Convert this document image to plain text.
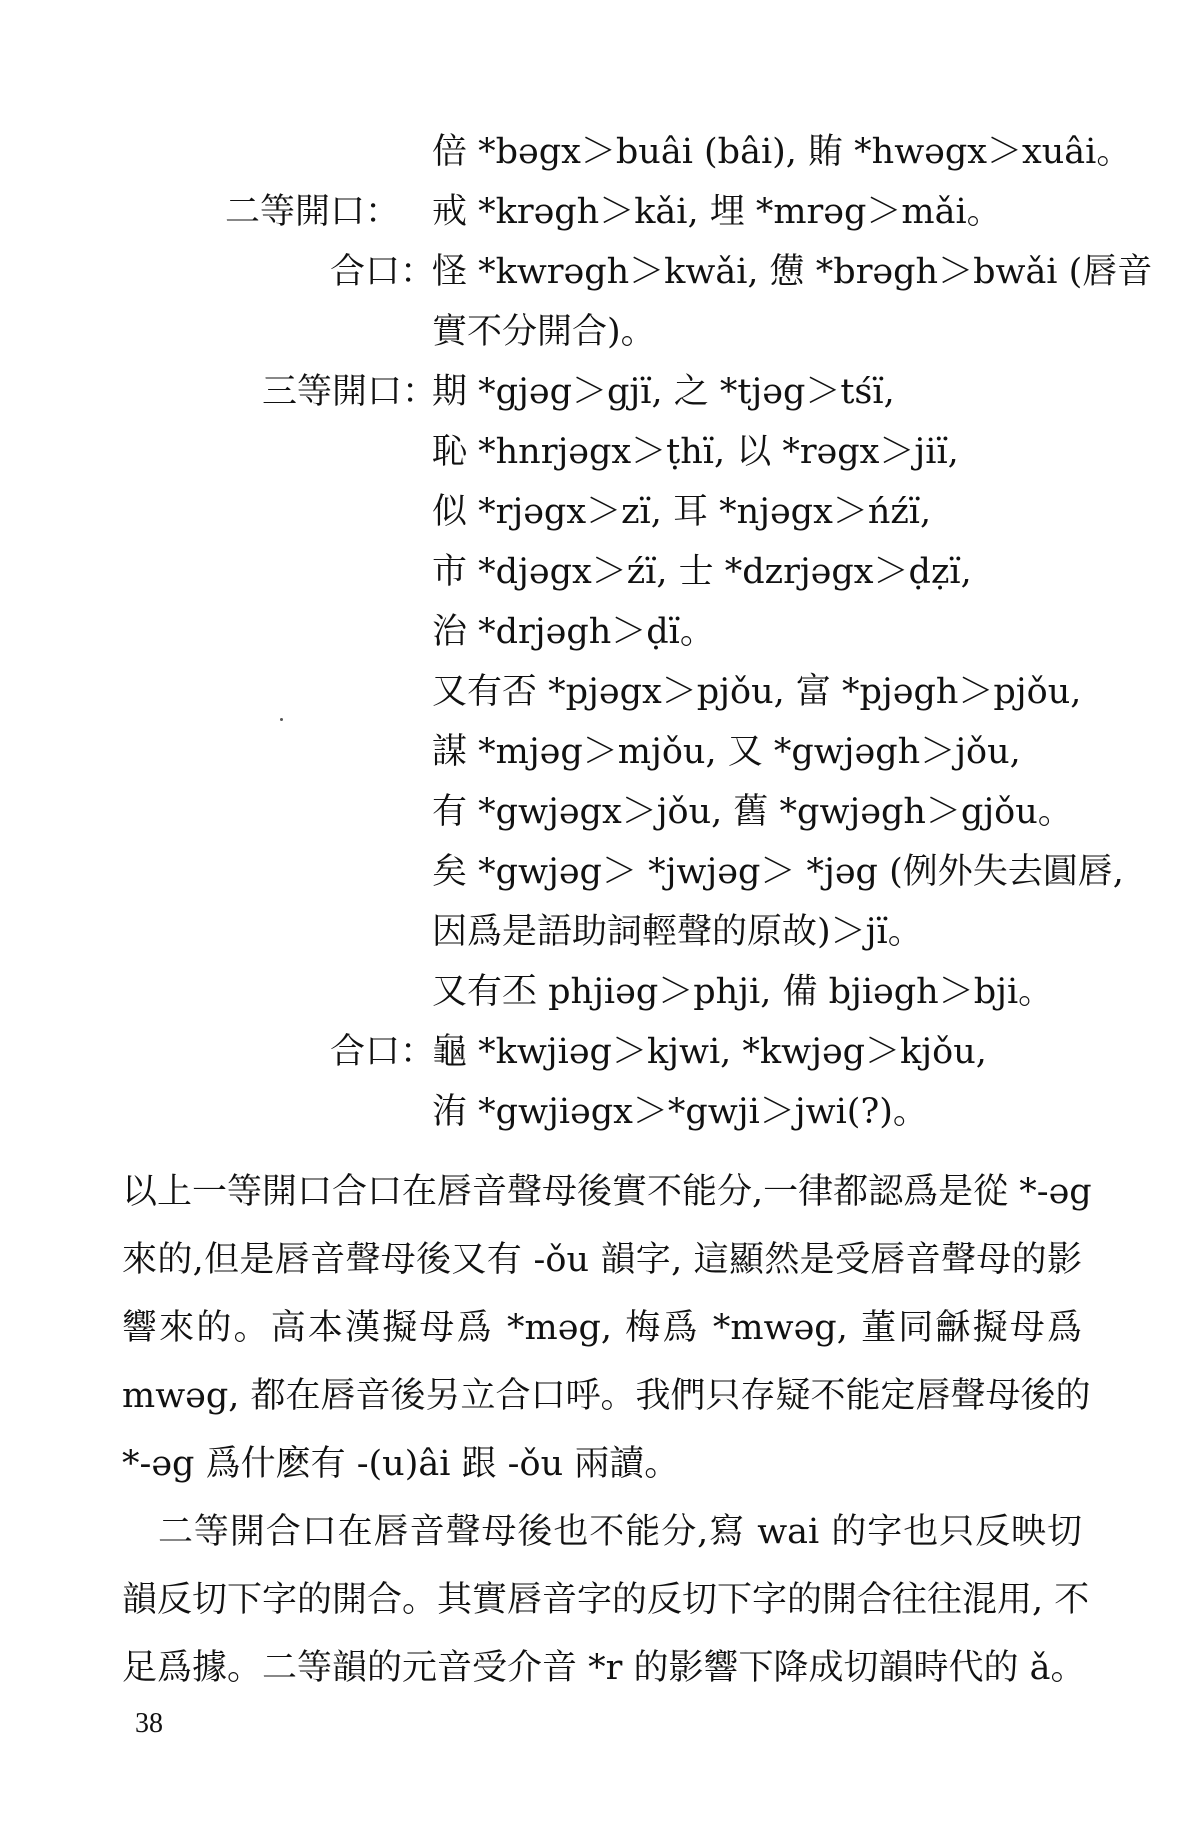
倍 *bəgx＞buâi (bâi), 賄 *hwəgx＞xuâi。
二等開口： 戒 *krəgh＞kǎi, 埋 *mrəg＞mǎi。
合口：
怪 *kwrəgh＞kwǎi, 憊 *brəgh＞bwǎi (唇音
實不分開合)。
三等開口：
期 *gjəg＞gjï, 之 *tjəg＞tśï,
恥 *hnrjəgx＞ṭhï, 以 *rəgx＞jiï,
似 *rjəgx＞zï, 耳 *njəgx＞ńźï,
市 *djəgx＞źï, 士 *dzrjəgx＞ḍẓï,
治 *drjəgh＞ḍï。
又有否 *pjəgx＞pjǒu, 富 *pjəgh＞pjǒu,
謀 *mjəg＞mjǒu, 又 *gwjəgh＞jǒu,
有 *gwjəgx＞jǒu, 舊 *gwjəgh＞gjǒu。
矣 *gwjəg＞ *jwjəg＞ *jəg (例外失去圓唇,
因爲是語助詞輕聲的原故)＞jï。
又有丕 phjiəg＞phji, 備 bjiəgh＞bji。
合口：
龜 *kwjiəg＞kjwi, *kwjəg＞kjǒu,
洧 *gwjiəgx＞*gwji＞jwi(?)。
以上一等開口合口在唇音聲母後實不能分,一律都認爲是從 *-əg
來的,但是唇音聲母後又有 -ǒu 韻字, 這顯然是受唇音聲母的影
響來的。高本漢擬母爲 *məg, 梅爲 *mwəg, 董同龢擬母爲
mwəg, 都在唇音後另立合口呼。我們只存疑不能定唇聲母後的
*-əg 爲什麽有 -(u)âi 跟 -ǒu 兩讀。
　二等開合口在唇音聲母後也不能分,寫 wai 的字也只反映切
韻反切下字的開合。其實唇音字的反切下字的開合往往混用, 不
足爲據。二等韻的元音受介音 *r 的影響下降成切韻時代的 ǎ。
38
